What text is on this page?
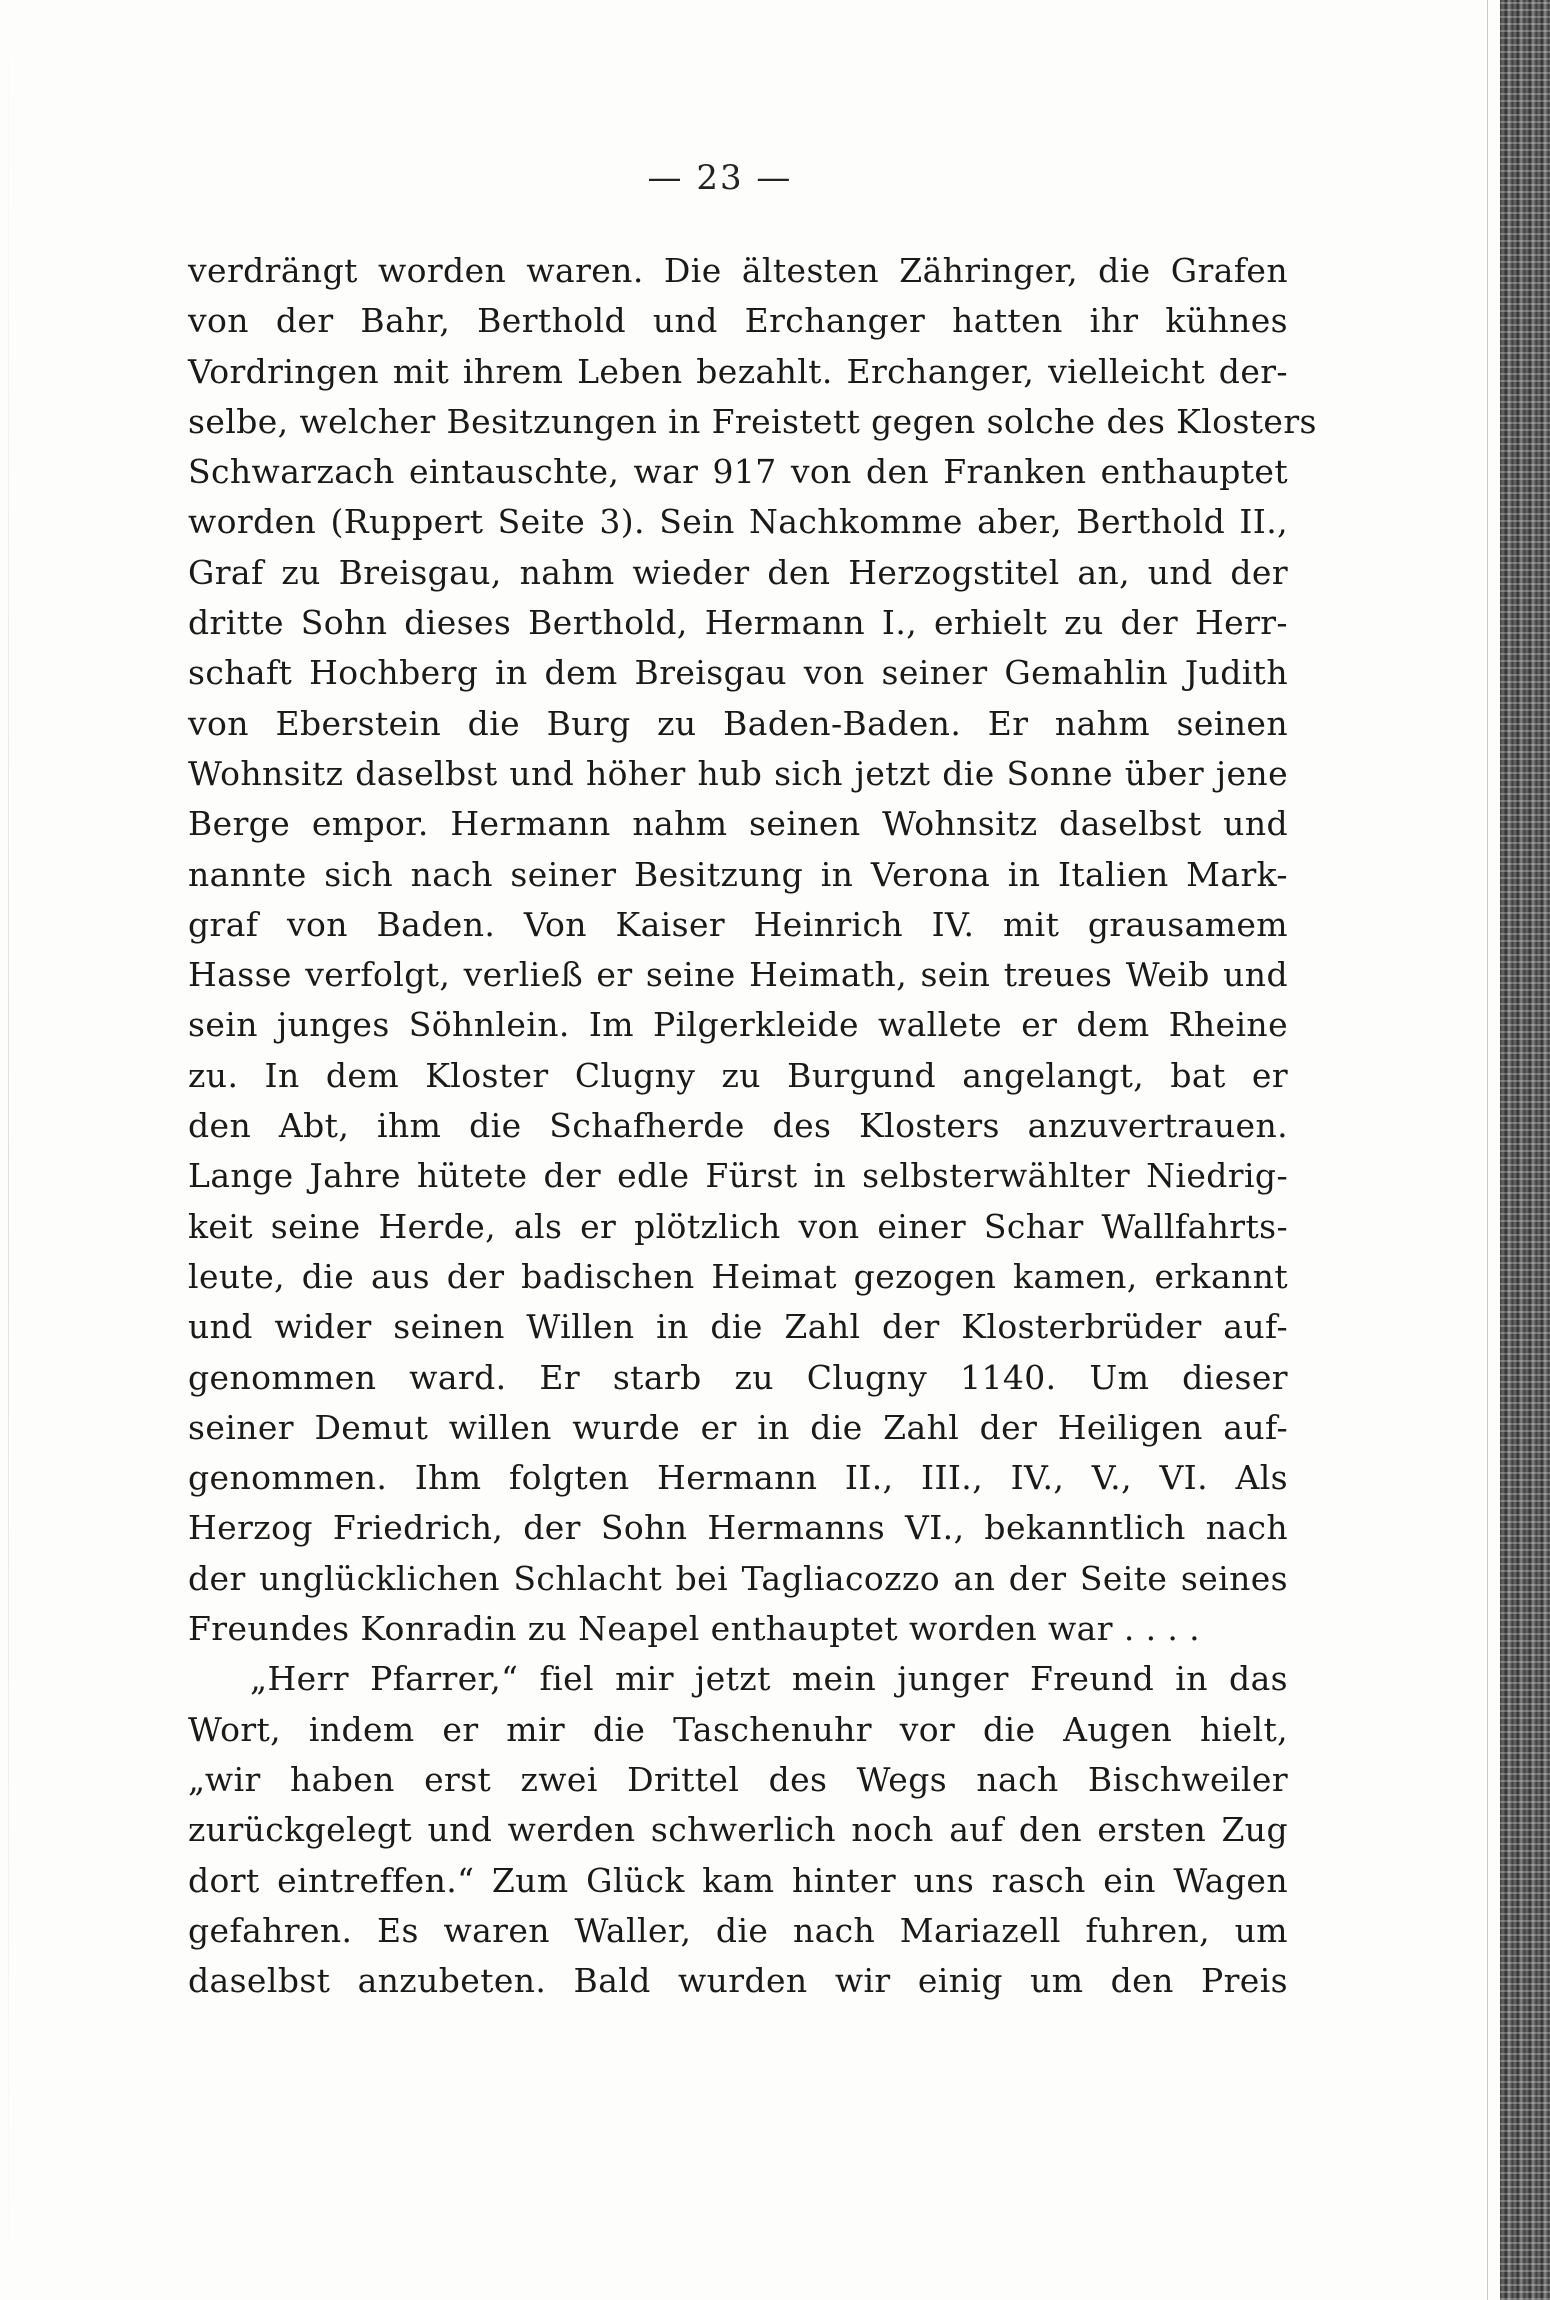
— 23 —
verdrängt worden waren. Die ältesten Zähringer, die Grafen
von der Bahr, Berthold und Erchanger hatten ihr kühnes
Vordringen mit ihrem Leben bezahlt. Erchanger, vielleicht der-
selbe, welcher Besitzungen in Freistett gegen solche des Klosters
Schwarzach eintauschte, war 917 von den Franken enthauptet
worden (Ruppert Seite 3). Sein Nachkomme aber, Berthold II.,
Graf zu Breisgau, nahm wieder den Herzogstitel an, und der
dritte Sohn dieses Berthold, Hermann I., erhielt zu der Herr-
schaft Hochberg in dem Breisgau von seiner Gemahlin Judith
von Eberstein die Burg zu Baden-Baden. Er nahm seinen
Wohnsitz daselbst und höher hub sich jetzt die Sonne über jene
Berge empor. Hermann nahm seinen Wohnsitz daselbst und
nannte sich nach seiner Besitzung in Verona in Italien Mark-
graf von Baden. Von Kaiser Heinrich IV. mit grausamem
Hasse verfolgt, verließ er seine Heimath, sein treues Weib und
sein junges Söhnlein. Im Pilgerkleide wallete er dem Rheine
zu. In dem Kloster Clugny zu Burgund angelangt, bat er
den Abt, ihm die Schafherde des Klosters anzuvertrauen.
Lange Jahre hütete der edle Fürst in selbsterwählter Niedrig-
keit seine Herde, als er plötzlich von einer Schar Wallfahrts-
leute, die aus der badischen Heimat gezogen kamen, erkannt
und wider seinen Willen in die Zahl der Klosterbrüder auf-
genommen ward. Er starb zu Clugny 1140. Um dieser
seiner Demut willen wurde er in die Zahl der Heiligen auf-
genommen. Ihm folgten Hermann II., III., IV., V., VI. Als
Herzog Friedrich, der Sohn Hermanns VI., bekanntlich nach
der unglücklichen Schlacht bei Tagliacozzo an der Seite seines
Freundes Konradin zu Neapel enthauptet worden war . . . .
„Herr Pfarrer,“ fiel mir jetzt mein junger Freund in das
Wort, indem er mir die Taschenuhr vor die Augen hielt,
„wir haben erst zwei Drittel des Wegs nach Bischweiler
zurückgelegt und werden schwerlich noch auf den ersten Zug
dort eintreffen.“ Zum Glück kam hinter uns rasch ein Wagen
gefahren. Es waren Waller, die nach Mariazell fuhren, um
daselbst anzubeten. Bald wurden wir einig um den Preis
